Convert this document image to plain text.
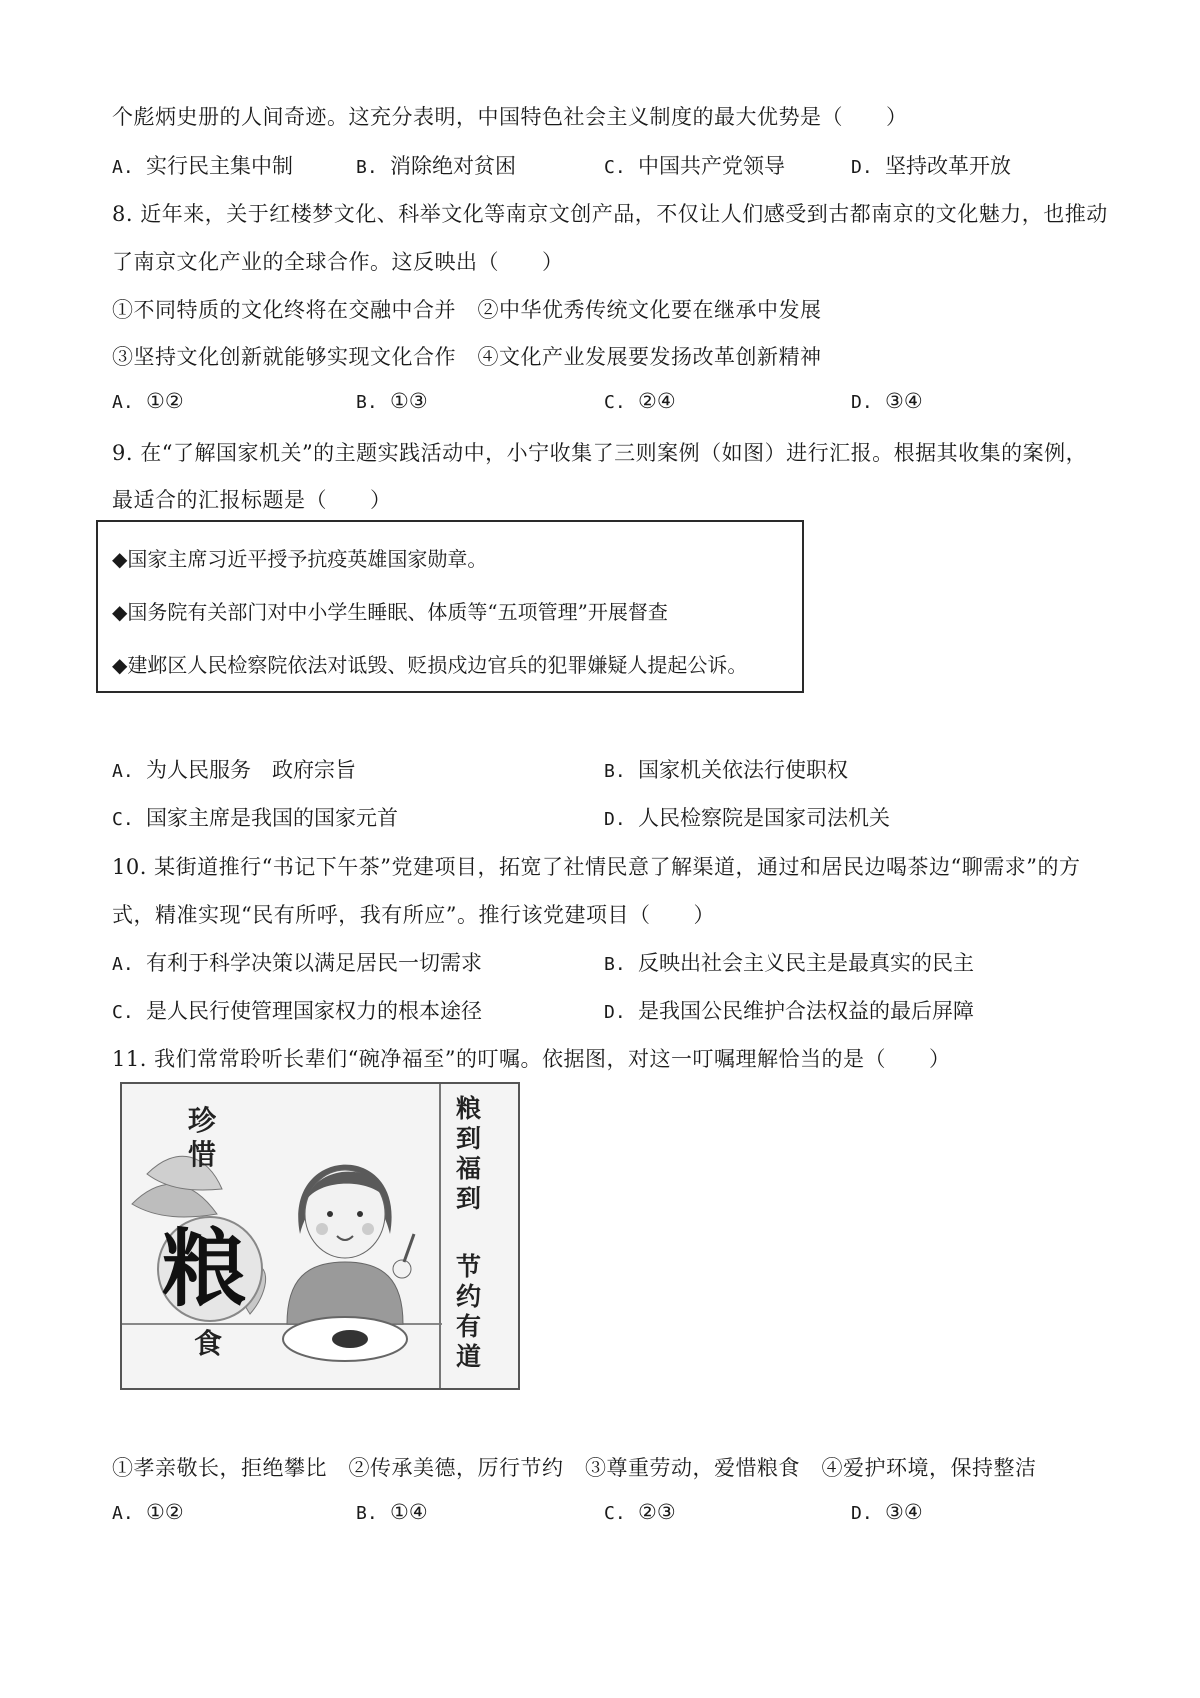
个彪炳史册的人间奇迹。这充分表明，中国特色社会主义制度的最大优势是（　　）
A. 实行民主集中制	B. 消除绝对贫困	C. 中国共产党领导	D. 坚持改革开放
8. 近年来，关于红楼梦文化、科举文化等南京文创产品，不仅让人们感受到古都南京的文化魅力，也推动
了南京文化产业的全球合作。这反映出（　　）
①不同特质的文化终将在交融中合并　②中华优秀传统文化要在继承中发展
③坚持文化创新就能够实现文化合作　④文化产业发展要发扬改革创新精神
A. ①②	B. ①③	C. ②④	D. ③④
9. 在“了解国家机关”的主题实践活动中，小宁收集了三则案例（如图）进行汇报。根据其收集的案例，
最适合的汇报标题是（　　）
◆国家主席习近平授予抗疫英雄国家勋章。
◆国务院有关部门对中小学生睡眠、体质等“五项管理”开展督查
◆建邺区人民检察院依法对诋毁、贬损戍边官兵的犯罪嫌疑人提起公诉。
A. 为人民服务　政府宗旨	B. 国家机关依法行使职权
C. 国家主席是我国的国家元首	D. 人民检察院是国家司法机关
10. 某街道推行“书记下午茶”党建项目，拓宽了社情民意了解渠道，通过和居民边喝茶边“聊需求”的方
式，精准实现“民有所呼，我有所应”。推行该党建项目（　　）
A. 有利于科学决策以满足居民一切需求	B. 反映出社会主义民主是最真实的民主
C. 是人民行使管理国家权力的根本途径	D. 是我国公民维护合法权益的最后屏障
11. 我们常常聆听长辈们“碗净福至”的叮嘱。依据图，对这一叮嘱理解恰当的是（　　）
珍惜
粮
食
粮到福到
节约有道
①孝亲敬长，拒绝攀比　②传承美德，厉行节约　③尊重劳动，爱惜粮食　④爱护环境，保持整洁
A. ①②	B. ①④	C. ②③	D. ③④
